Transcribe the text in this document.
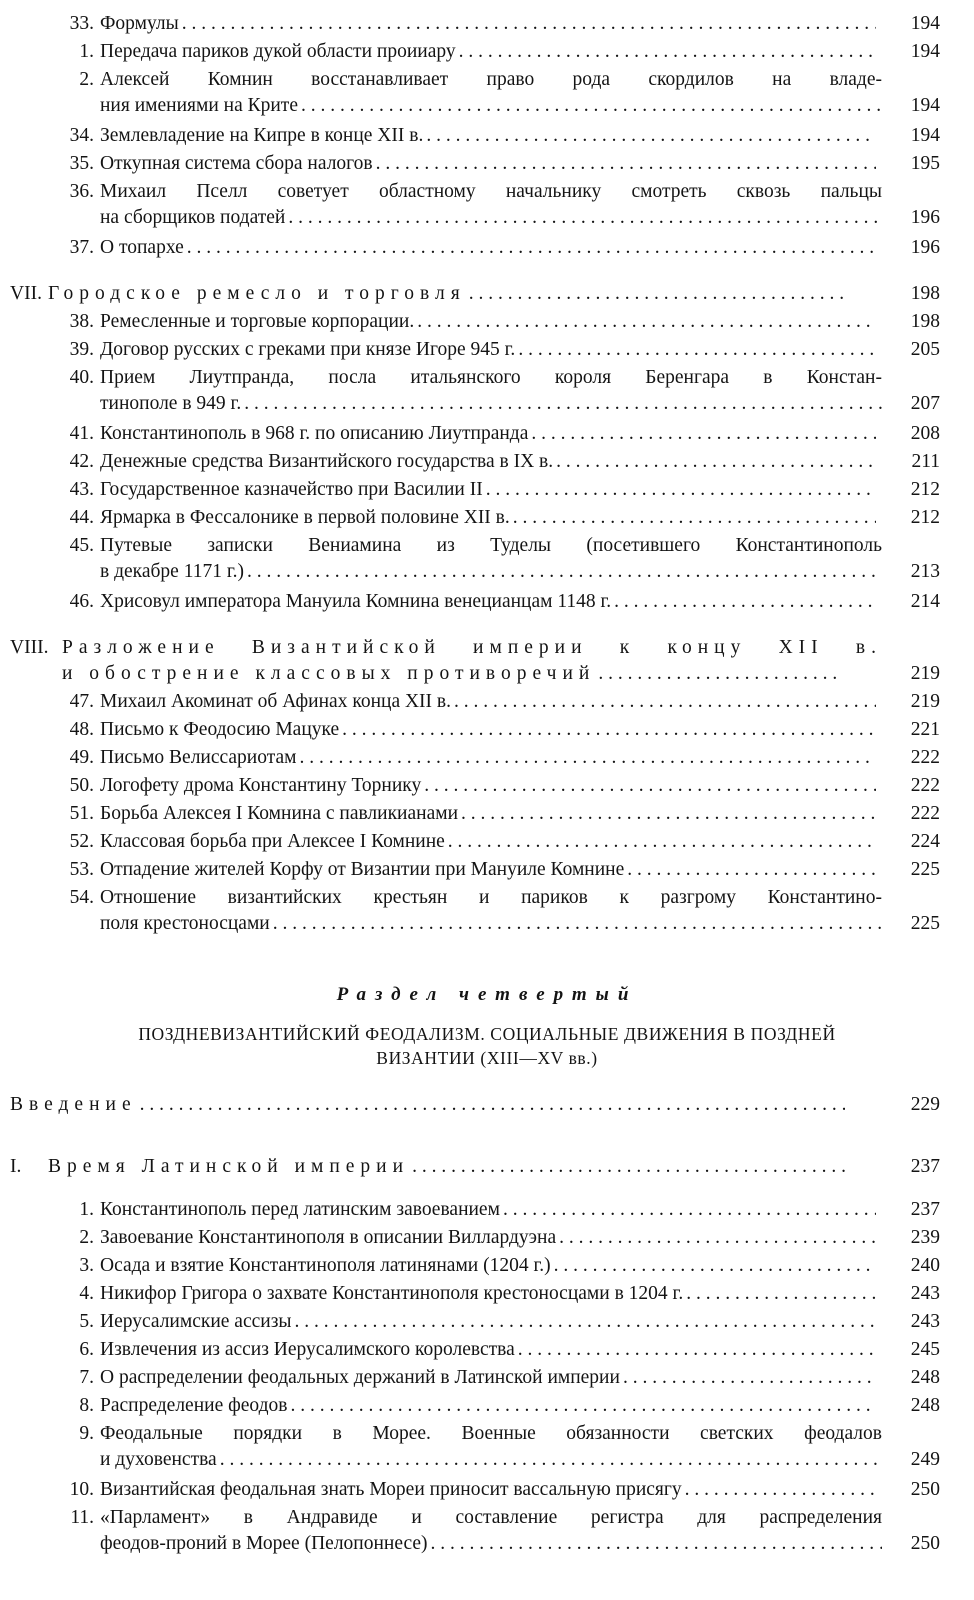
33. Формулы . . .	194
1. Передача париков дукой области проииару . . .	194
2. Алексей Комнин восстанавливает право рода скордилов на владе-
ния имениями на Крите . . .	194
34. Землевладение на Кипре в конце XII в. . . .	194
35. Откупная система сбора налогов . . .	195
36. Михаил Пселл советует областному начальнику смотреть сквозь пальцы
на сборщиков податей . . .	196
37. О топархе . . .	196
VII. Городское ремесло и торговля . . .	198
38. Ремесленные и торговые корпорации. . . .	198
39. Договор русских с греками при князе Игоре 945 г. . . .	205
40. Прием Лиутпранда, посла итальянского короля Беренгара в Констан-
тинополе в 949 г. . . .	207
41. Константинополь в 968 г. по описанию Лиутпранда . . .	208
42. Денежные средства Византийского государства в IX в. . . .	211
43. Государственное казначейство при Василии II . . .	212
44. Ярмарка в Фессалонике в первой половине XII в. . . .	212
45. Путевые записки Вениамина из Туделы (посетившего Константинополь
в декабре 1171 г.) . . .	213
46. Хрисовул императора Мануила Комнина венецианцам 1148 г. . . .	214
VIII. Разложение Византийской империи к концу XII в.
и обострение классовых противоречий . . .	219
47. Михаил Акоминат об Афинах конца XII в. . . .	219
48. Письмо к Феодосию Мацуке . . .	221
49. Письмо Велиссариотам . . .	222
50. Логофету дрома Константину Торнику . . .	222
51. Борьба Алексея I Комнина с павликианами . . .	222
52. Классовая борьба при Алексее I Комнине . . .	224
53. Отпадение жителей Корфу от Византии при Мануиле Комнине . . .	225
54. Отношение византийских крестьян и париков к разгрому Константино-
поля крестоносцами . . .	225
Раздел четвертый
ПОЗДНЕВИЗАНТИЙСКИЙ ФЕОДАЛИЗМ. СОЦИАЛЬНЫЕ ДВИЖЕНИЯ В ПОЗДНЕЙ
ВИЗАНТИИ (XIII—XV вв.)
Введение . . .	229
I. Время Латинской империи . . .	237
1. Константинополь перед латинским завоеванием . . .	237
2. Завоевание Константинополя в описании Виллардуэна . . .	239
3. Осада и взятие Константинополя латинянами (1204 г.) . . .	240
4. Никифор Григора о захвате Константинополя крестоносцами в 1204 г. . . .	243
5. Иерусалимские ассизы . . .	243
6. Извлечения из ассиз Иерусалимского королевства . . .	245
7. О распределении феодальных держаний в Латинской империи . . .	248
8. Распределение феодов . . .	248
9. Феодальные порядки в Морее. Военные обязанности светских феодалов
и духовенства . . .	249
10. Византийская феодальная знать Мореи приносит вассальную присягу . . .	250
11. «Парламент» в Андравиде и составление регистра для распределения
феодов-проний в Морее (Пелопоннесе) . . .	250
